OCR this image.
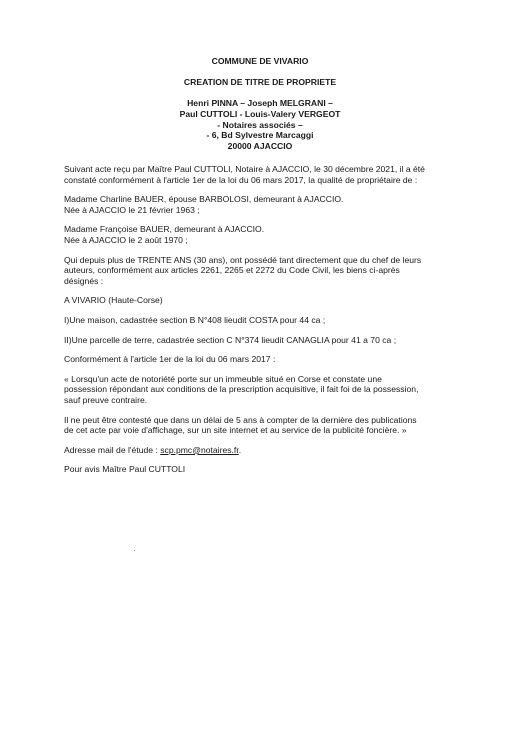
COMMUNE DE VIVARIO
CREATION DE TITRE DE PROPRIETE
Henri PINNA – Joseph MELGRANI –
Paul CUTTOLI - Louis-Valery VERGEOT
- Notaires associés –
- 6, Bd Sylvestre Marcaggi
20000 AJACCIO

Suivant acte reçu par Maître Paul CUTTOLI, Notaire à AJACCIO, le 30 décembre 2021, il a été
constaté conformément à l'article 1er de la loi du 06 mars 2017, la qualité de propriétaire de :

Madame Charline BAUER, épouse BARBOLOSI, demeurant à AJACCIO.
Née à AJACCIO le 21 février 1963 ;

Madame Françoise BAUER, demeurant à AJACCIO.
Née à AJACCIO le 2 août 1970 ;

Qui depuis plus de TRENTE ANS (30 ans), ont possédé tant directement que du chef de leurs
auteurs, conformément aux articles 2261, 2265 et 2272 du Code Civil, les biens ci-après
désignés :

A VIVARIO (Haute-Corse)

I)Une maison, cadastrée section B N°408 lieudit COSTA pour 44 ca ;

II)Une parcelle de terre, cadastrée section C N°374 lieudit CANAGLIA pour 41 a 70 ca ;

Conformément à l'article 1er de la loi du 06 mars 2017 :

« Lorsqu'un acte de notoriété porte sur un immeuble situé en Corse et constate une
possession répondant aux conditions de la prescription acquisitive, il fait foi de la possession,
sauf preuve contraire.

Il ne peut être contesté que dans un délai de 5 ans à compter de la dernière des publications
de cet acte par voie d'affichage, sur un site internet et au service de la publicité foncière. »

Adresse mail de l'étude : scp.pmc@notaires.fr.

Pour avis Maître Paul CUTTOLI
